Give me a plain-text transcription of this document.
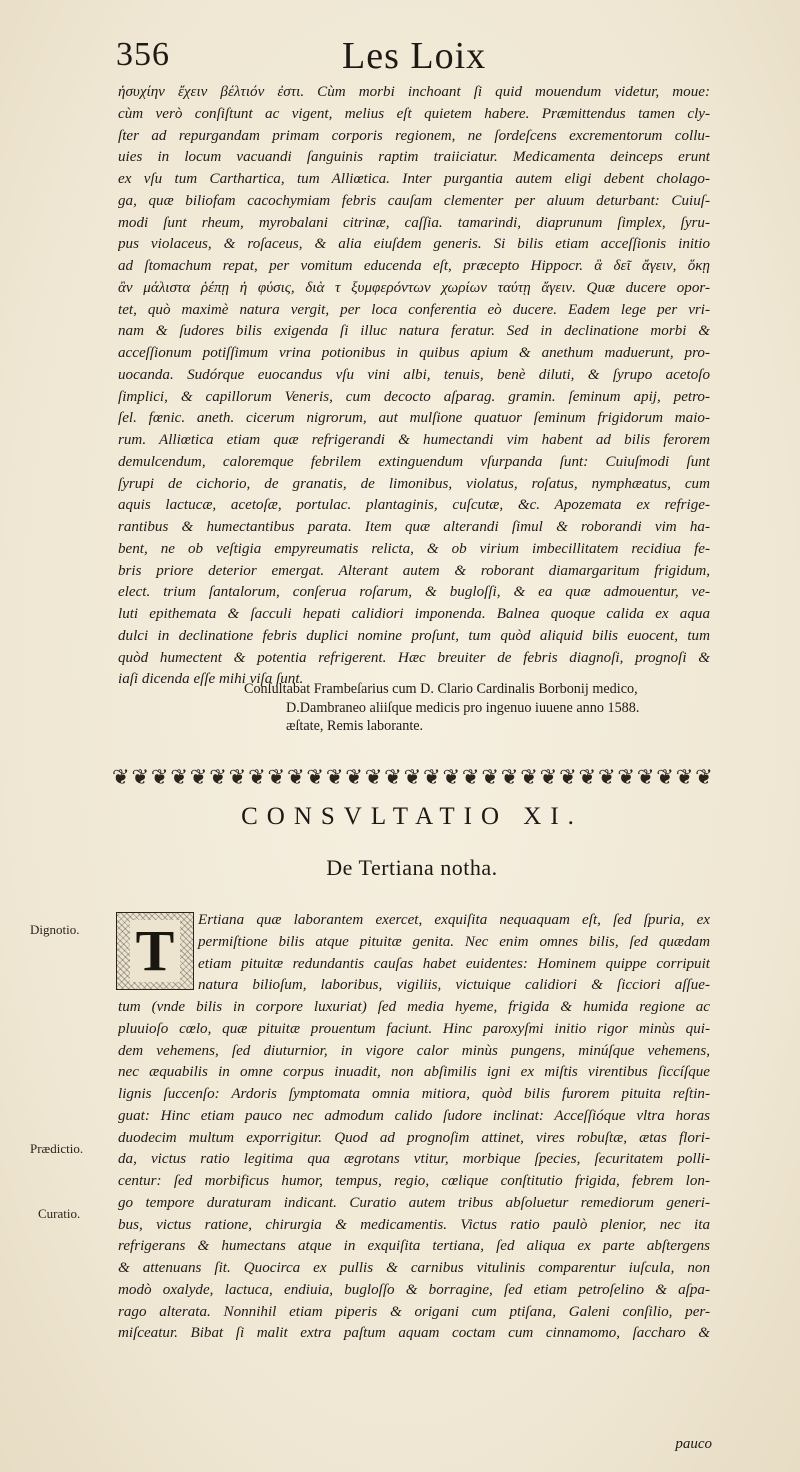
356	Les Loix
ἡσυχίην ἔχειν βέλτιόν ἐστι. Cùm morbi inchoant ſi quid mouendum videtur, moue:
cùm verò conſiſtunt ac vigent, melius eſt quietem habere. Præmittendus tamen cly-
ſter ad repurgandam primam corporis regionem, ne ſordeſcens excrementorum collu-
uies in locum vacuandi ſanguinis raptim traiiciatur. Medicamenta deinceps erunt
ex vſu tum Carthartica, tum Alliœtica. Inter purgantia autem eligi debent cholago-
ga, quæ biliofam cacochymiam febris cauſam clementer per aluum deturbant: Cuiuſ-
modi ſunt rheum, myrobalani citrinæ, caſſia. tamarindi, diaprunum ſimplex, ſyru-
pus violaceus, & roſaceus, & alia eiuſdem generis. Si bilis etiam acceſſionis initio
ad ſtomachum repat, per vomitum educenda eſt, præcepto Hippocr. ἃ δεῖ ἄγειν, ὅκῃ
ἂν μάλιστα ῥέπῃ ἡ φύσις, διὰ τ ξυμφερόντων χωρίων ταύτῃ ἄγειν. Quæ ducere opor-
tet, quò maximè natura vergit, per loca conferentia eò ducere. Eadem lege per vri-
nam & ſudores bilis exigenda ſi illuc natura feratur. Sed in declinatione morbi &
acceſſionum potiſſimum vrina potionibus in quibus apium & anethum maduerunt, pro-
uocanda. Sudórque euocandus vſu vini albi, tenuis, benè diluti, & ſyrupo acetoſo
ſimplici, & capillorum Veneris, cum decocto aſparag. gramin. ſeminum apij, petro-
ſel. fœnic. aneth. cicerum nigrorum, aut mulſione quatuor ſeminum frigidorum maio-
rum. Alliœtica etiam quæ refrigerandi & humectandi vim habent ad bilis ferorem
demulcendum, caloremque febrilem extinguendum vſurpanda ſunt: Cuiuſmodi ſunt
ſyrupi de cichorio, de granatis, de limonibus, violatus, roſatus, nymphæatus, cum
aquis lactucæ, acetoſæ, portulac. plantaginis, cuſcutæ, &c. Apozemata ex refrige-
rantibus & humectantibus parata. Item quæ alterandi ſimul & roborandi vim ha-
bent, ne ob veſtigia empyreumatis relicta, & ob virium imbecillitatem recidiua fe-
bris priore deterior emergat. Alterant autem & roborant diamargaritum frigidum,
elect. trium ſantalorum, conſerua roſarum, & bugloſſi, & ea quæ admouentur, ve-
luti epithemata & ſacculi hepati calidiori imponenda. Balnea quoque calida ex aqua
dulci in declinatione febris duplici nomine proſunt, tum quòd aliquid bilis euocent, tum
quòd humectent & potentia refrigerent. Hæc breuiter de febris diagnoſi, prognoſi &
iaſi dicenda eſſe mihi viſa ſunt.
Conſultabat Frambeſarius cum D. Clario Cardinalis Borbonij medico,
D.Dambraneo aliiſque medicis pro ingenuo iuuene anno 1588.
æſtate, Remis laborante.
❦ ❦ ❦ ❦ ❦ ❦ ❦ ❦ ❦ ❦ ❦ ❦ ❦ ❦ ❦ ❦ ❦ ❦ ❦ ❦ ❦ ❦ ❦ ❦ ❦ ❦ ❦ ❦ ❦ ❦ ❦
CONSVLTATIO XI.
De Tertiana notha.
Dignotio.
Prædictio.
Curatio.
T	Ertiana quæ laborantem exercet, exquiſita nequaquam eſt, ſed ſpuria, ex
permiſtione bilis atque pituitæ genita. Nec enim omnes bilis, ſed quædam
etiam pituitæ redundantis cauſas habet euidentes: Hominem quippe corripuit
natura bilioſum, laboribus, vigiliis, victuique calidiori & ſicciori aſſue-
tum (vnde bilis in corpore luxuriat) ſed media hyeme, frigida & humida regione ac
pluuioſo cœlo, quæ pituitæ prouentum faciunt. Hinc paroxyſmi initio rigor minùs qui-
dem vehemens, ſed diuturnior, in vigore calor minùs pungens, minúſque vehemens,
nec æquabilis in omne corpus inuadit, non abſimilis igni ex miſtis virentibus ſiccíſque
lignis ſuccenſo: Ardoris ſymptomata omnia mitiora, quòd bilis furorem pituita reſtin-
guat: Hinc etiam pauco nec admodum calido ſudore inclinat: Acceſſióque vltra horas
duodecim multum exporrigitur. Quod ad prognoſim attinet, vires robuſtæ, ætas flori-
da, victus ratio legitima qua ægrotans vtitur, morbique ſpecies, ſecuritatem polli-
centur: ſed morbificus humor, tempus, regio, cœlique conſtitutio frigida, febrem lon-
go tempore duraturam indicant. Curatio autem tribus abſoluetur remediorum generi-
bus, victus ratione, chirurgia & medicamentis. Victus ratio paulò plenior, nec ita
refrigerans & humectans atque in exquiſita tertiana, ſed aliqua ex parte abſtergens
& attenuans ſit. Quocirca ex pullis & carnibus vitulinis comparentur iuſcula, non
modò oxalyde, lactuca, endiuia, bugloſſo & borragine, ſed etiam petroſelino & aſpa-
rago alterata. Nonnihil etiam piperis & origani cum ptiſana, Galeni conſilio, per-
miſceatur. Bibat ſi malit extra paſtum aquam coctam cum cinnamomo, ſaccharo &
pauco
